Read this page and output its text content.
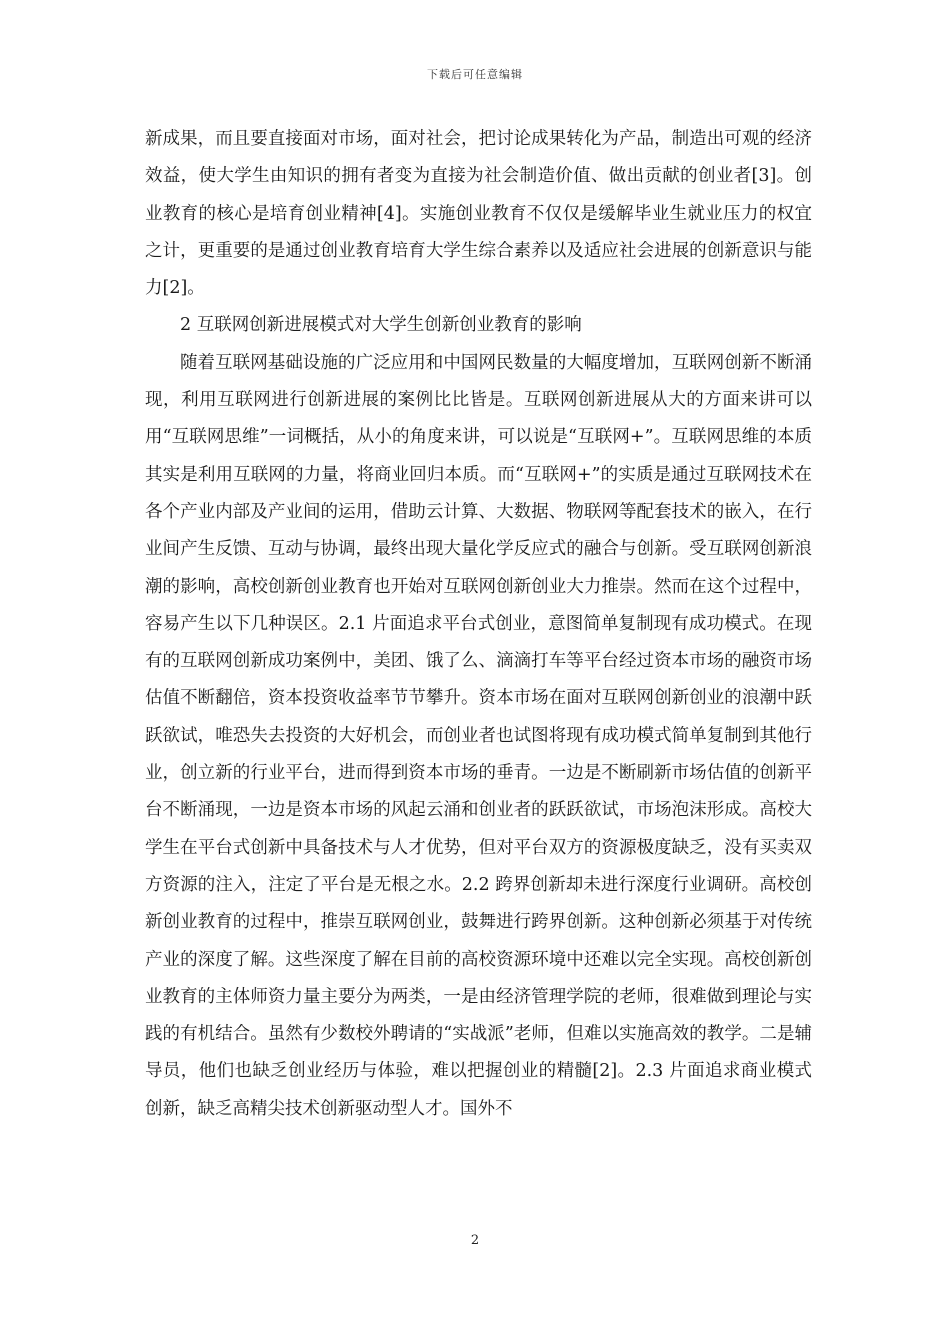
下载后可任意编辑

新成果，而且要直接面对市场，面对社会，把讨论成果转化为产品，制造出可观的经济效益，使大学生由知识的拥有者变为直接为社会制造价值、做出贡献的创业者[3]。创业教育的核心是培育创业精神[4]。实施创业教育不仅仅是缓解毕业生就业压力的权宜之计，更重要的是通过创业教育培育大学生综合素养以及适应社会进展的创新意识与能力[2]。

2 互联网创新进展模式对大学生创新创业教育的影响

随着互联网基础设施的广泛应用和中国网民数量的大幅度增加，互联网创新不断涌现，利用互联网进行创新进展的案例比比皆是。互联网创新进展从大的方面来讲可以用“互联网思维”一词概括，从小的角度来讲，可以说是“互联网+”。互联网思维的本质其实是利用互联网的力量，将商业回归本质。而“互联网+”的实质是通过互联网技术在各个产业内部及产业间的运用，借助云计算、大数据、物联网等配套技术的嵌入，在行业间产生反馈、互动与协调，最终出现大量化学反应式的融合与创新。受互联网创新浪潮的影响，高校创新创业教育也开始对互联网创新创业大力推崇。然而在这个过程中，容易产生以下几种误区。2.1 片面追求平台式创业，意图简单复制现有成功模式。在现有的互联网创新成功案例中，美团、饿了么、滴滴打车等平台经过资本市场的融资市场估值不断翻倍，资本投资收益率节节攀升。资本市场在面对互联网创新创业的浪潮中跃跃欲试，唯恐失去投资的大好机会，而创业者也试图将现有成功模式简单复制到其他行业，创立新的行业平台，进而得到资本市场的垂青。一边是不断刷新市场估值的创新平台不断涌现，一边是资本市场的风起云涌和创业者的跃跃欲试，市场泡沫形成。高校大学生在平台式创新中具备技术与人才优势，但对平台双方的资源极度缺乏，没有买卖双方资源的注入，注定了平台是无根之水。2.2 跨界创新却未进行深度行业调研。高校创新创业教育的过程中，推崇互联网创业，鼓舞进行跨界创新。这种创新必须基于对传统产业的深度了解。这些深度了解在目前的高校资源环境中还难以完全实现。高校创新创业教育的主体师资力量主要分为两类，一是由经济管理学院的老师，很难做到理论与实践的有机结合。虽然有少数校外聘请的“实战派”老师，但难以实施高效的教学。二是辅导员，他们也缺乏创业经历与体验，难以把握创业的精髓[2]。2.3 片面追求商业模式创新，缺乏高精尖技术创新驱动型人才。国外不

2
